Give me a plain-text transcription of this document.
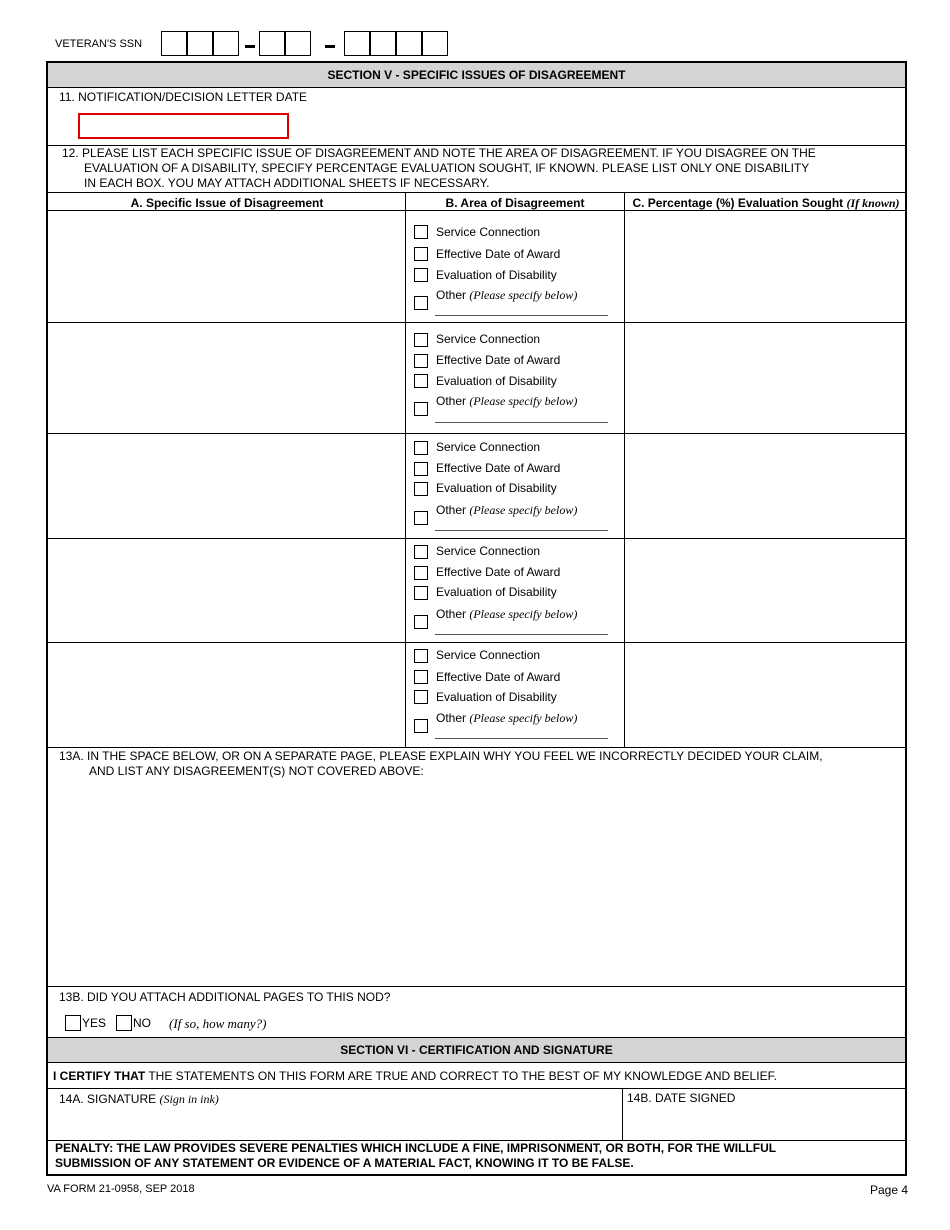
VETERAN'S SSN
SECTION V - SPECIFIC ISSUES OF DISAGREEMENT
11. NOTIFICATION/DECISION LETTER DATE
12. PLEASE LIST EACH SPECIFIC ISSUE OF DISAGREEMENT AND NOTE THE AREA OF DISAGREEMENT. IF YOU DISAGREE ON THE
EVALUATION OF A DISABILITY, SPECIFY PERCENTAGE EVALUATION SOUGHT, IF KNOWN. PLEASE LIST ONLY ONE DISABILITY
IN EACH BOX. YOU MAY ATTACH ADDITIONAL SHEETS IF NECESSARY.
A. Specific Issue of Disagreement	B. Area of Disagreement	C. Percentage (%) Evaluation Sought (If known)
Service Connection
Effective Date of Award
Evaluation of Disability
Other (Please specify below)
Service Connection
Effective Date of Award
Evaluation of Disability
Other (Please specify below)
Service Connection
Effective Date of Award
Evaluation of Disability
Other (Please specify below)
Service Connection
Effective Date of Award
Evaluation of Disability
Other (Please specify below)
Service Connection
Effective Date of Award
Evaluation of Disability
Other (Please specify below)
13A. IN THE SPACE BELOW, OR ON A SEPARATE PAGE, PLEASE EXPLAIN WHY YOU FEEL WE INCORRECTLY DECIDED YOUR CLAIM,
AND LIST ANY DISAGREEMENT(S) NOT COVERED ABOVE:
13B. DID YOU ATTACH ADDITIONAL PAGES TO THIS NOD?
YES NO (If so, how many?)
SECTION VI - CERTIFICATION AND SIGNATURE
I CERTIFY THAT THE STATEMENTS ON THIS FORM ARE TRUE AND CORRECT TO THE BEST OF MY KNOWLEDGE AND BELIEF.
14A. SIGNATURE (Sign in ink)	14B. DATE SIGNED
PENALTY: THE LAW PROVIDES SEVERE PENALTIES WHICH INCLUDE A FINE, IMPRISONMENT, OR BOTH, FOR THE WILLFUL
SUBMISSION OF ANY STATEMENT OR EVIDENCE OF A MATERIAL FACT, KNOWING IT TO BE FALSE.
VA FORM 21-0958, SEP 2018	Page 4
